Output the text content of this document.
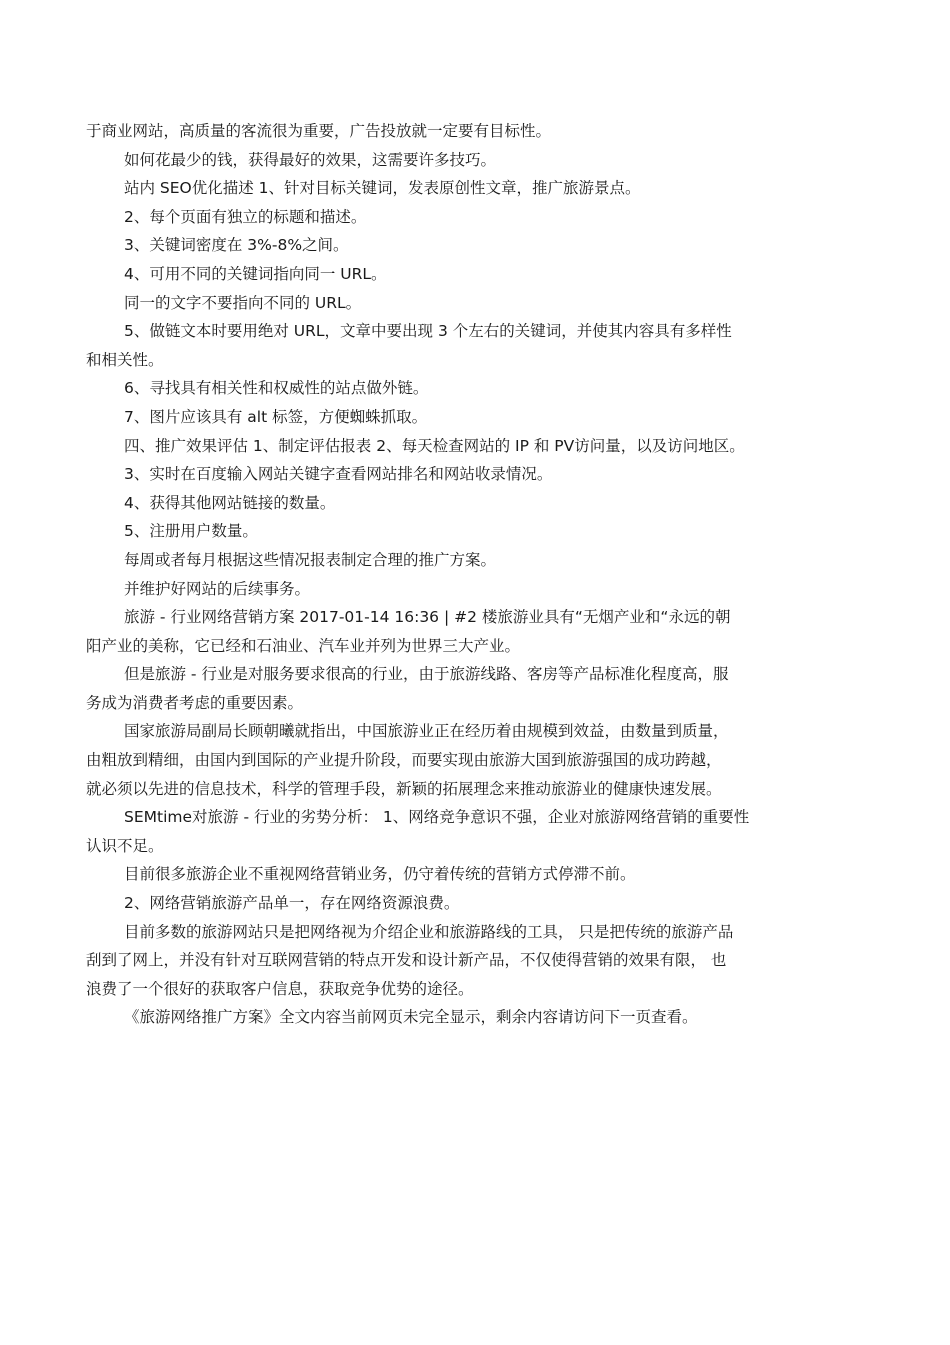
于商业网站，高质量的客流很为重要，广告投放就一定要有目标性。

如何花最少的钱，获得最好的效果，这需要许多技巧。

站内 SEO优化描述 1、针对目标关键词，发表原创性文章，推广旅游景点。

2、每个页面有独立的标题和描述。

3、关键词密度在 3%-8%之间。

4、可用不同的关键词指向同一 URL。

同一的文字不要指向不同的 URL。

5、做链文本时要用绝对 URL，文章中要出现 3 个左右的关键词，并使其内容具有多样性
和相关性。

6、寻找具有相关性和权威性的站点做外链。

7、图片应该具有 alt 标签，方便蜘蛛抓取。

四、推广效果评估 1、制定评估报表 2、每天检查网站的 IP 和 PV访问量，以及访问地区。

3、实时在百度输入网站关键字查看网站排名和网站收录情况。

4、获得其他网站链接的数量。

5、注册用户数量。

每周或者每月根据这些情况报表制定合理的推广方案。

并维护好网站的后续事务。

旅游 - 行业网络营销方案 2017-01-14 16:36 | #2 楼旅游业具有“无烟产业和“永远的朝
阳产业的美称，它已经和石油业、汽车业并列为世界三大产业。

但是旅游 - 行业是对服务要求很高的行业，由于旅游线路、客房等产品标准化程度高，服
务成为消费者考虑的重要因素。

国家旅游局副局长顾朝曦就指出，中国旅游业正在经历着由规模到效益，由数量到质量，
由粗放到精细，由国内到国际的产业提升阶段，而要实现由旅游大国到旅游强国的成功跨越，
就必须以先进的信息技术，科学的管理手段，新颖的拓展理念来推动旅游业的健康快速发展。

SEMtime对旅游 - 行业的劣势分析： 1、网络竞争意识不强，企业对旅游网络营销的重要性
认识不足。

目前很多旅游企业不重视网络营销业务，仍守着传统的营销方式停滞不前。

2、网络营销旅游产品单一，存在网络资源浪费。

目前多数的旅游网站只是把网络视为介绍企业和旅游路线的工具， 只是把传统的旅游产品
刮到了网上，并没有针对互联网营销的特点开发和设计新产品，不仅使得营销的效果有限， 也
浪费了一个很好的获取客户信息，获取竞争优势的途径。

《旅游网络推广方案》全文内容当前网页未完全显示，剩余内容请访问下一页查看。
